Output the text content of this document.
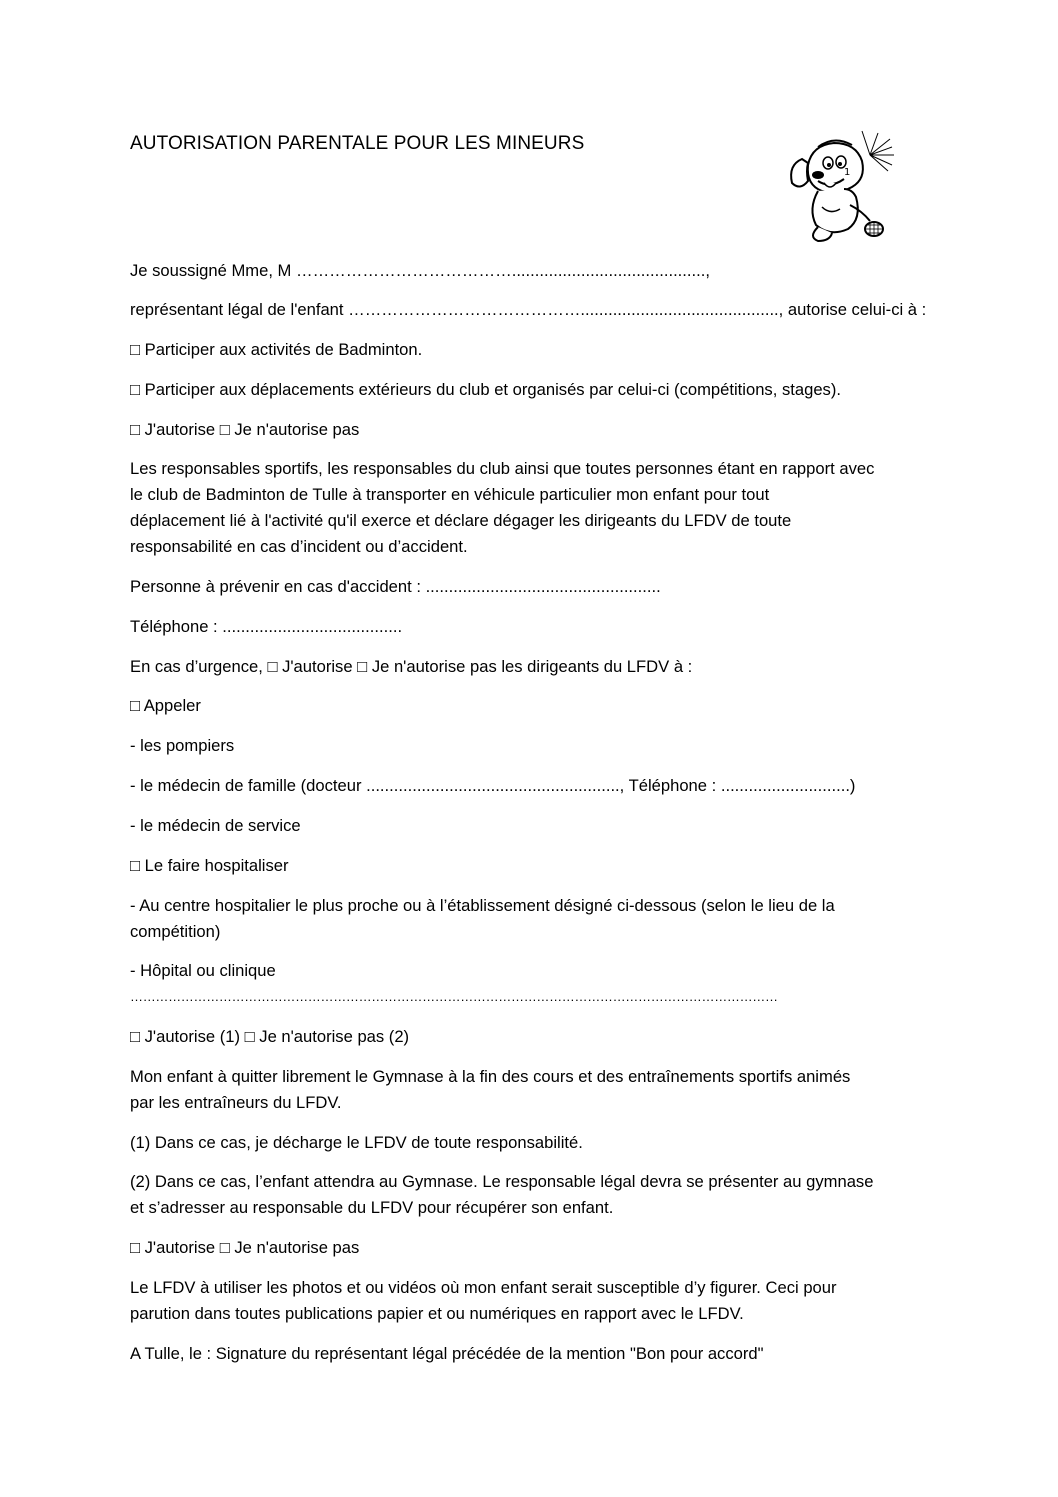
AUTORISATION PARENTALE POUR LES MINEURS
1
Je soussigné Mme, M …………………………………..........................................,
représentant légal de l'enfant ……………………………………..........................................., autorise celui-ci à :
□ Participer aux activités de Badminton.
□ Participer aux déplacements extérieurs du club et organisés par celui-ci (compétitions, stages).
□ J'autorise □ Je n'autorise pas
Les responsables sportifs, les responsables du club ainsi que toutes personnes étant en rapport avec
le club de Badminton de Tulle à transporter en véhicule particulier mon enfant pour tout
déplacement lié à l'activité qu'il exerce et déclare dégager les dirigeants du LFDV de toute
responsabilité en cas d’incident ou d’accident.
Personne à prévenir en cas d'accident : ...................................................
Téléphone : .......................................
En cas d’urgence, □ J'autorise □ Je n'autorise pas les dirigeants du LFDV à :
□ Appeler
- les pompiers
- le médecin de famille (docteur ......................................................., Téléphone : ............................)
- le médecin de service
□ Le faire hospitaliser
- Au centre hospitalier le plus proche ou à l’établissement désigné ci-dessous (selon le lieu de la
compétition)
- Hôpital ou clinique
………………………………………………………………………………………………………………………………………
□ J'autorise (1) □ Je n'autorise pas (2)
Mon enfant à quitter librement le Gymnase à la fin des cours et des entraînements sportifs animés
par les entraîneurs du LFDV.
(1) Dans ce cas, je décharge le LFDV de toute responsabilité.
(2) Dans ce cas, l’enfant attendra au Gymnase. Le responsable légal devra se présenter au gymnase
et s’adresser au responsable du LFDV pour récupérer son enfant.
□ J'autorise □ Je n'autorise pas
Le LFDV à utiliser les photos et ou vidéos où mon enfant serait susceptible d’y figurer. Ceci pour
parution dans toutes publications papier et ou numériques en rapport avec le LFDV.
A Tulle, le : Signature du représentant légal précédée de la mention "Bon pour accord"
